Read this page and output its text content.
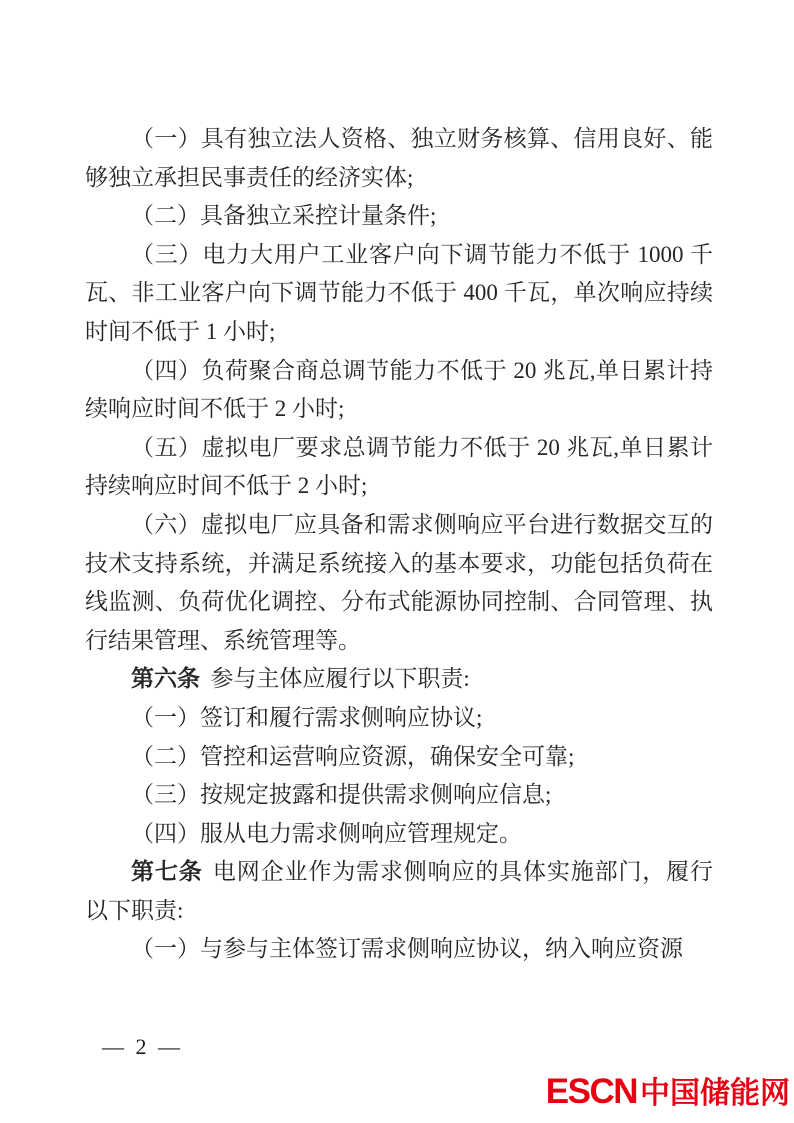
（一）具有独立法人资格、独立财务核算、信用良好、能够独立承担民事责任的经济实体;

（二）具备独立采控计量条件;

（三）电力大用户工业客户向下调节能力不低于 1000 千瓦、非工业客户向下调节能力不低于 400 千瓦，单次响应持续时间不低于 1 小时;

（四）负荷聚合商总调节能力不低于 20 兆瓦,单日累计持续响应时间不低于 2 小时;

（五）虚拟电厂要求总调节能力不低于 20 兆瓦,单日累计持续响应时间不低于 2 小时;

（六）虚拟电厂应具备和需求侧响应平台进行数据交互的技术支持系统，并满足系统接入的基本要求，功能包括负荷在线监测、负荷优化调控、分布式能源协同控制、合同管理、执行结果管理、系统管理等。

第六条 参与主体应履行以下职责:

（一）签订和履行需求侧响应协议;

（二）管控和运营响应资源，确保安全可靠;

（三）按规定披露和提供需求侧响应信息;

（四）服从电力需求侧响应管理规定。

第七条 电网企业作为需求侧响应的具体实施部门，履行以下职责:

（一）与参与主体签订需求侧响应协议，纳入响应资源

— 2 —
ESCN 中国储能网
